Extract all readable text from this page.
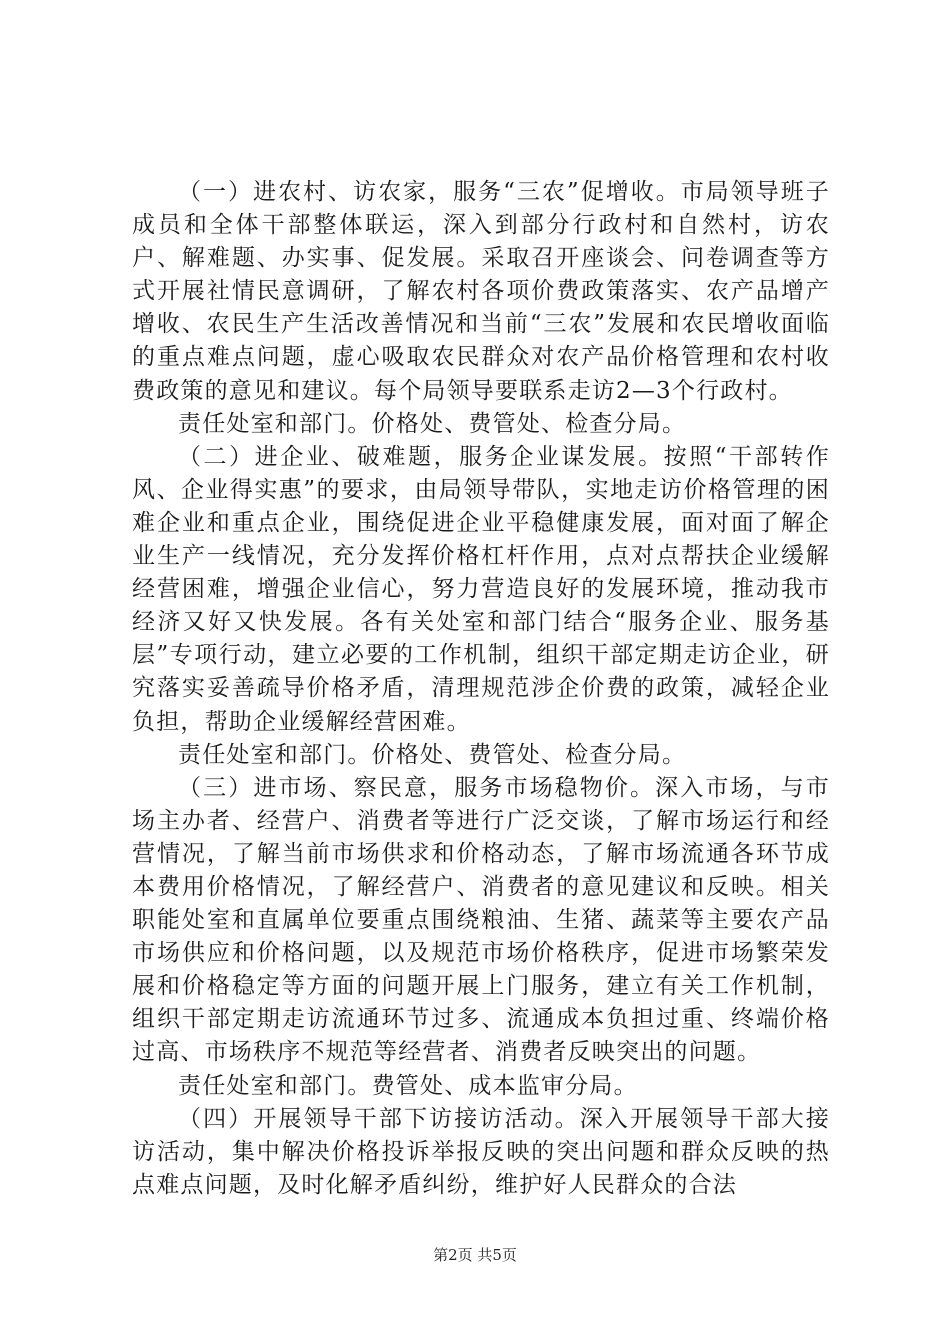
（一）进农村、访农家，服务“三农”促增收。市局领导班子成员和全体干部整体联运，深入到部分行政村和自然村，访农户、解难题、办实事、促发展。采取召开座谈会、问卷调查等方式开展社情民意调研，了解农村各项价费政策落实、农产品增产增收、农民生产生活改善情况和当前“三农”发展和农民增收面临的重点难点问题，虚心吸取农民群众对农产品价格管理和农村收费政策的意见和建议。每个局领导要联系走访2—3个行政村。

责任处室和部门。价格处、费管处、检查分局。

（二）进企业、破难题，服务企业谋发展。按照“干部转作风、企业得实惠”的要求，由局领导带队，实地走访价格管理的困难企业和重点企业，围绕促进企业平稳健康发展，面对面了解企业生产一线情况，充分发挥价格杠杆作用，点对点帮扶企业缓解经营困难，增强企业信心，努力营造良好的发展环境，推动我市经济又好又快发展。各有关处室和部门结合“服务企业、服务基层”专项行动，建立必要的工作机制，组织干部定期走访企业，研究落实妥善疏导价格矛盾，清理规范涉企价费的政策，减轻企业负担，帮助企业缓解经营困难。

责任处室和部门。价格处、费管处、检查分局。

（三）进市场、察民意，服务市场稳物价。深入市场，与市场主办者、经营户、消费者等进行广泛交谈，了解市场运行和经营情况，了解当前市场供求和价格动态，了解市场流通各环节成本费用价格情况，了解经营户、消费者的意见建议和反映。相关职能处室和直属单位要重点围绕粮油、生猪、蔬菜等主要农产品市场供应和价格问题，以及规范市场价格秩序，促进市场繁荣发展和价格稳定等方面的问题开展上门服务，建立有关工作机制，组织干部定期走访流通环节过多、流通成本负担过重、终端价格过高、市场秩序不规范等经营者、消费者反映突出的问题。

责任处室和部门。费管处、成本监审分局。

（四）开展领导干部下访接访活动。深入开展领导干部大接访活动，集中解决价格投诉举报反映的突出问题和群众反映的热点难点问题，及时化解矛盾纠纷，维护好人民群众的合法

第2页 共5页
